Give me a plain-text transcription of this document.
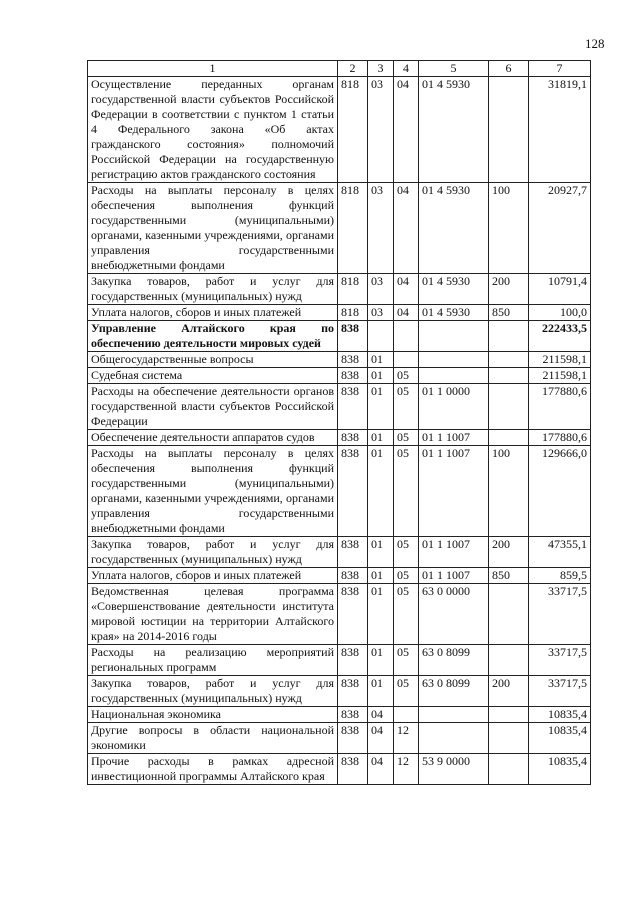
128
1	2	3	4	5	6	7
Осуществление переданных органам государственной власти субъектов Российской Федерации в соответствии с пунктом 1 статьи 4 Федерального закона «Об актах гражданского состояния» полномочий Российской Федерации на государственную регистрацию актов гражданского состояния	818	03	04	01 4 5930		31819,1
Расходы на выплаты персоналу в целях обеспечения выполнения функций государственными (муниципальными) органами, казенными учреждениями, органами управления государственными внебюджетными фондами	818	03	04	01 4 5930	100	20927,7
Закупка товаров, работ и услуг для государственных (муниципальных) нужд	818	03	04	01 4 5930	200	10791,4
Уплата налогов, сборов и иных платежей	818	03	04	01 4 5930	850	100,0
Управление Алтайского края по обеспечению деятельности мировых судей	838					222433,5
Общегосударственные вопросы	838	01				211598,1
Судебная система	838	01	05			211598,1
Расходы на обеспечение деятельности органов государственной власти субъектов Российской Федерации	838	01	05	01 1 0000		177880,6
Обеспечение деятельности аппаратов судов	838	01	05	01 1 1007		177880,6
Расходы на выплаты персоналу в целях обеспечения выполнения функций государственными (муниципальными) органами, казенными учреждениями, органами управления государственными внебюджетными фондами	838	01	05	01 1 1007	100	129666,0
Закупка товаров, работ и услуг для государственных (муниципальных) нужд	838	01	05	01 1 1007	200	47355,1
Уплата налогов, сборов и иных платежей	838	01	05	01 1 1007	850	859,5
Ведомственная целевая программа «Совершенствование деятельности института мировой юстиции на территории Алтайского края» на 2014-2016 годы	838	01	05	63 0 0000		33717,5
Расходы на реализацию мероприятий региональных программ	838	01	05	63 0 8099		33717,5
Закупка товаров, работ и услуг для государственных (муниципальных) нужд	838	01	05	63 0 8099	200	33717,5
Национальная экономика	838	04				10835,4
Другие вопросы в области национальной экономики	838	04	12			10835,4
Прочие расходы в рамках адресной инвестиционной программы Алтайского края	838	04	12	53 9 0000		10835,4
